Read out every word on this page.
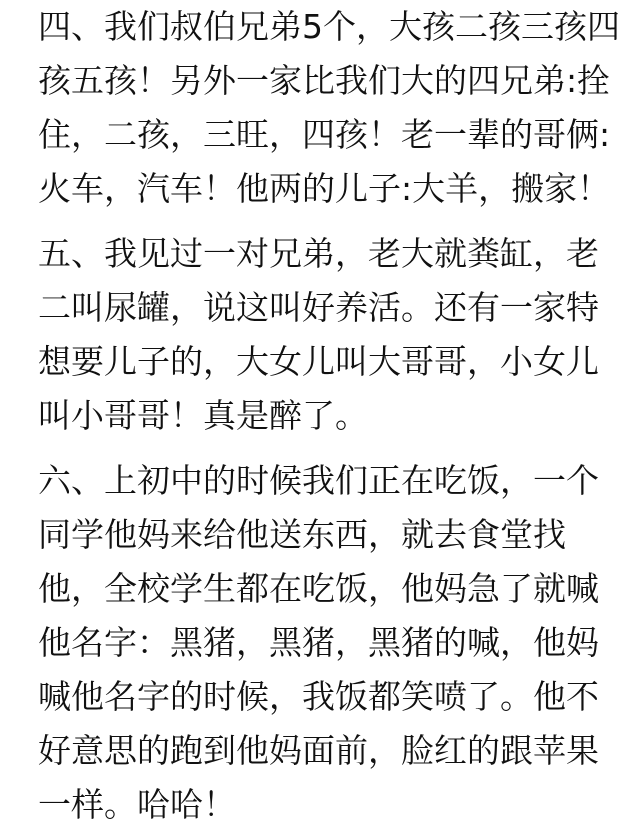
四、我们叔伯兄弟5个，大孩二孩三孩四
孩五孩！另外一家比我们大的四兄弟:拴
住，二孩，三旺，四孩！老一辈的哥俩:
火车，汽车！他两的儿子:大羊，搬家！
五、我见过一对兄弟，老大就粪缸，老
二叫尿罐，说这叫好养活。还有一家特
想要儿子的，大女儿叫大哥哥，小女儿
叫小哥哥！真是醉了。
六、上初中的时候我们正在吃饭，一个
同学他妈来给他送东西，就去食堂找
他，全校学生都在吃饭，他妈急了就喊
他名字：黑猪，黑猪，黑猪的喊，他妈
喊他名字的时候，我饭都笑喷了。他不
好意思的跑到他妈面前，脸红的跟苹果
一样。哈哈！
